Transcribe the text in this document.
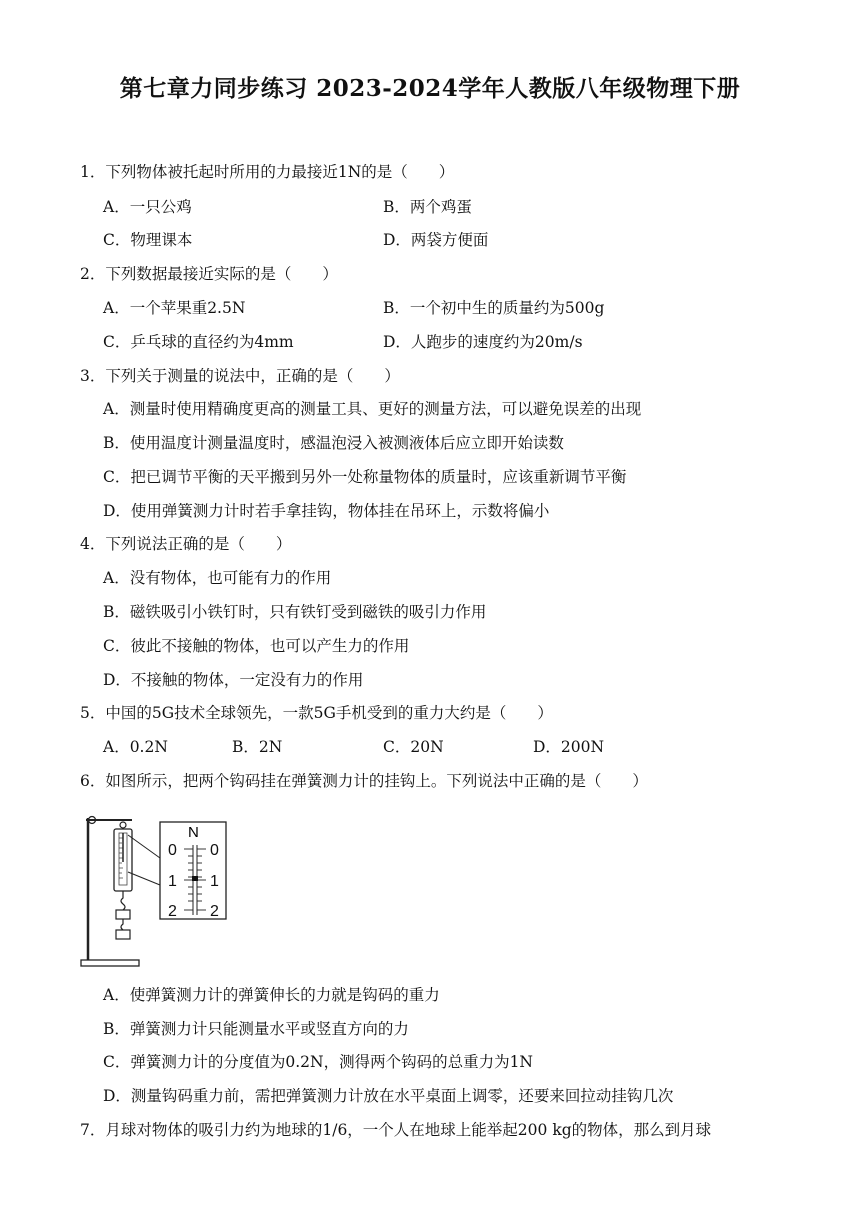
第七章力同步练习 2023-2024学年人教版八年级物理下册
1．下列物体被托起时所用的力最接近1N的是（　　）
A．一只公鸡	B．两个鸡蛋
C．物理课本	D．两袋方便面
2．下列数据最接近实际的是（　　）
A．一个苹果重2.5N	B．一个初中生的质量约为500g
C．乒乓球的直径约为4mm	D．人跑步的速度约为20m/s
3．下列关于测量的说法中，正确的是（　　）
A．测量时使用精确度更高的测量工具、更好的测量方法，可以避免误差的出现
B．使用温度计测量温度时，感温泡浸入被测液体后应立即开始读数
C．把已调节平衡的天平搬到另外一处称量物体的质量时，应该重新调节平衡
D．使用弹簧测力计时若手拿挂钩，物体挂在吊环上，示数将偏小
4．下列说法正确的是（　　）
A．没有物体，也可能有力的作用
B．磁铁吸引小铁钉时，只有铁钉受到磁铁的吸引力作用
C．彼此不接触的物体，也可以产生力的作用
D．不接触的物体，一定没有力的作用
5．中国的5G技术全球领先，一款5G手机受到的重力大约是（　　）
A．0.2N	B．2N	C．20N	D．200N
6．如图所示，把两个钩码挂在弹簧测力计的挂钩上。下列说法中正确的是（　　）
N
0
1
2
0
1
2
A．使弹簧测力计的弹簧伸长的力就是钩码的重力
B．弹簧测力计只能测量水平或竖直方向的力
C．弹簧测力计的分度值为0.2N，测得两个钩码的总重力为1N
D．测量钩码重力前，需把弹簧测力计放在水平桌面上调零，还要来回拉动挂钩几次
7．月球对物体的吸引力约为地球的1/6，一个人在地球上能举起200 kg的物体，那么到月球
